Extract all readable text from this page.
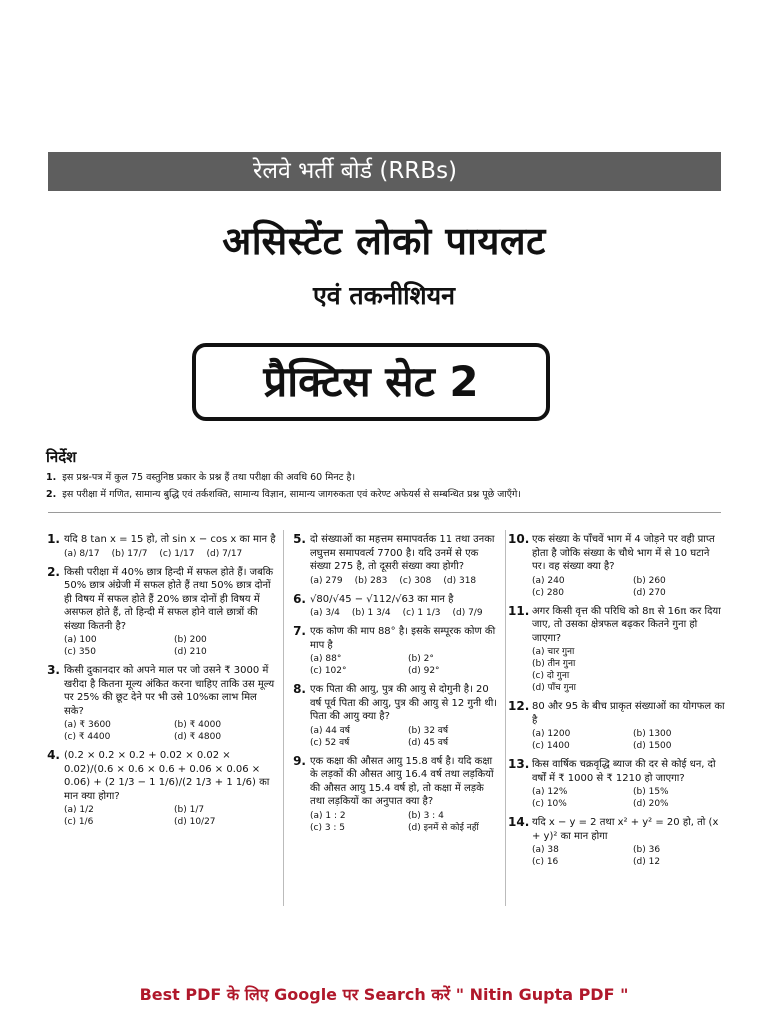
रेलवे भर्ती बोर्ड (RRBs)
असिस्टेंट लोको पायलट
एवं तकनीशियन
प्रैक्टिस सेट 2
निर्देश
1. इस प्रश्न-पत्र में कुल 75 वस्तुनिष्ठ प्रकार के प्रश्न हैं तथा परीक्षा की अवधि 60 मिनट है।
2. इस परीक्षा में गणित, सामान्य बुद्धि एवं तर्कशक्ति, सामान्य विज्ञान, सामान्य जागरुकता एवं करेण्ट अफेयर्स से सम्बन्धित प्रश्न पूछे जाएँगे।
1. यदि 8 tan x = 15 हो, तो sin x − cos x का मान है
(a) 8/17 (b) 17/7 (c) 1/17 (d) 7/17
2. किसी परीक्षा में 40% छात्र हिन्दी में सफल होते हैं। जबकि 50% छात्र अंग्रेजी में सफल होते हैं तथा 50% छात्र दोनों ही विषय में सफल होते हैं 20% छात्र दोनों ही विषय में असफल होते हैं, तो हिन्दी में सफल होने वाले छात्रों की संख्या कितनी है?
(a) 100	(b) 200
(c) 350	(d) 210
3. किसी दुकानदार को अपने माल पर जो उसने ₹ 3000 में खरीदा है कितना मूल्य अंकित करना चाहिए ताकि उस मूल्य पर 25% की छूट देने पर भी उसे 10%का लाभ मिल सके?
(a) ₹ 3600	(b) ₹ 4000
(c) ₹ 4400	(d) ₹ 4800
4. (0.2 × 0.2 × 0.2 + 0.02 × 0.02 × 0.02)/(0.6 × 0.6 × 0.6 + 0.06 × 0.06 × 0.06) + (2 1/3 − 1 1/6)/(2 1/3 + 1 1/6) का मान क्या होगा?
(a) 1/2	(b) 1/7
(c) 1/6	(d) 10/27
5. दो संख्याओं का महत्तम समापवर्तक 11 तथा उनका लघुत्तम समापवर्त्य 7700 है। यदि उनमें से एक संख्या 275 है, तो दूसरी संख्या क्या होगी?
(a) 279 (b) 283 (c) 308 (d) 318
6. √80/√45 − √112/√63 का मान है
(a) 3/4 (b) 1 3/4 (c) 1 1/3 (d) 7/9
7. एक कोण की माप 88° है। इसके सम्पूरक कोण की माप है
(a) 88°	(b) 2°
(c) 102°	(d) 92°
8. एक पिता की आयु, पुत्र की आयु से दोगुनी है। 20 वर्ष पूर्व पिता की आयु, पुत्र की आयु से 12 गुनी थी। पिता की आयु क्या है?
(a) 44 वर्ष	(b) 32 वर्ष
(c) 52 वर्ष	(d) 45 वर्ष
9. एक कक्षा की औसत आयु 15.8 वर्ष है। यदि कक्षा के लड़कों की औसत आयु 16.4 वर्ष तथा लड़कियों की औसत आयु 15.4 वर्ष हो, तो कक्षा में लड़के तथा लड़कियों का अनुपात क्या है?
(a) 1 : 2	(b) 3 : 4
(c) 3 : 5	(d) इनमें से कोई नहीं
10. एक संख्या के पाँचवें भाग में 4 जोड़ने पर वही प्राप्त होता है जोकि संख्या के चौथे भाग में से 10 घटाने पर। वह संख्या क्या है?
(a) 240	(b) 260
(c) 280	(d) 270
11. अगर किसी वृत्त की परिधि को 8π से 16π कर दिया जाए, तो उसका क्षेत्रफल बढ़कर कितने गुना हो जाएगा?
(a) चार गुना
(b) तीन गुना
(c) दो गुना
(d) पाँच गुना
12. 80 और 95 के बीच प्राकृत संख्याओं का योगफल का है
(a) 1200	(b) 1300
(c) 1400	(d) 1500
13. किस वार्षिक चक्रवृद्धि ब्याज की दर से कोई धन, दो वर्षों में ₹ 1000 से ₹ 1210 हो जाएगा?
(a) 12%	(b) 15%
(c) 10%	(d) 20%
14. यदि x − y = 2 तथा x² + y² = 20 हो, तो (x + y)² का मान होगा
(a) 38	(b) 36
(c) 16	(d) 12
Best PDF के लिए Google पर Search करें " Nitin Gupta PDF "
